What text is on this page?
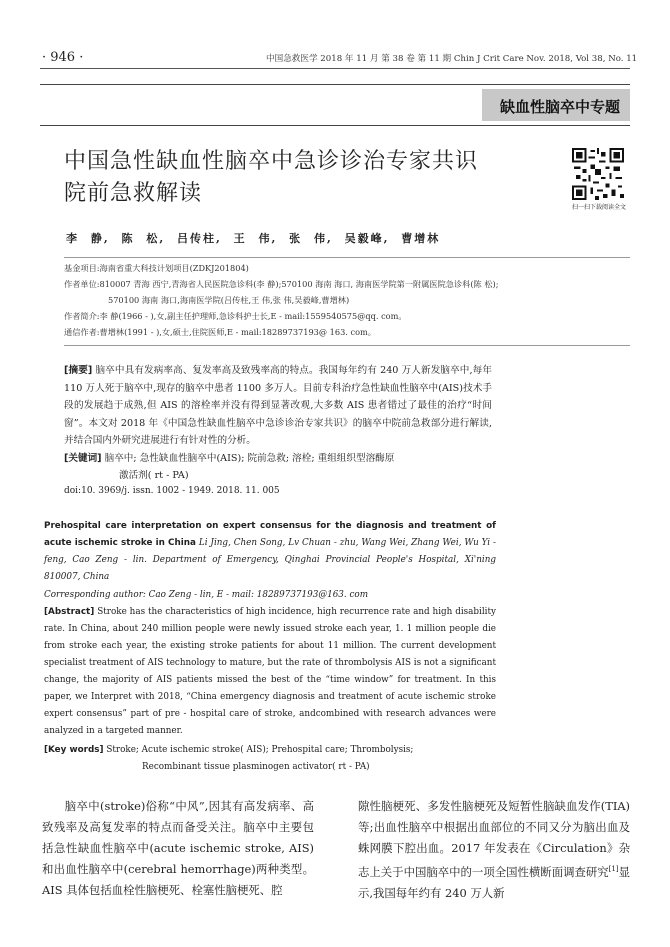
· 946 ·	中国急救医学 2018 年 11 月 第 38 卷 第 11 期 Chin J Crit Care Nov. 2018, Vol 38, No. 11
缺血性脑卒中专题
中国急性缺血性脑卒中急诊诊治专家共识
院前急救解读
扫一扫下载阅读全文
李 静, 陈 松, 吕传柱, 王 伟, 张 伟, 吴毅峰, 曹增林
基金项目:海南省重大科技计划项目(ZDKJ201804)
作者单位:810007 青海 西宁,青海省人民医院急诊科(李 静);570100 海南 海口, 海南医学院第一附属医院急诊科(陈 松);
570100 海南 海口,海南医学院(吕传柱,王 伟,张 伟,吴毅峰,曹增林)
作者简介:李 静(1966 - ),女,副主任护理师,急诊科护士长,E - mail:1559540575@qq. com。
通信作者:曹增林(1991 - ),女,硕士,住院医师,E - mail:18289737193@ 163. com。
[摘要] 脑卒中具有发病率高、复发率高及致残率高的特点。我国每年约有 240 万人新发脑卒中,每年 110 万人死于脑卒中,现存的脑卒中患者 1100 多万人。目前专科治疗急性缺血性脑卒中(AIS)技术手段的发展趋于成熟,但 AIS 的溶栓率并没有得到显著改观,大多数 AIS 患者错过了最佳的治疗“时间窗”。本文对 2018 年《中国急性缺血性脑卒中急诊诊治专家共识》的脑卒中院前急救部分进行解读,并结合国内外研究进展进行有针对性的分析。
[关键词] 脑卒中; 急性缺血性脑卒中(AIS); 院前急救; 溶栓; 重组组织型溶酶原
激活剂( rt - PA)
doi:10. 3969/j. issn. 1002 - 1949. 2018. 11. 005
Prehospital care interpretation on expert consensus for the diagnosis and treatment of acute ischemic stroke in China Li Jing, Chen Song, Lv Chuan - zhu, Wang Wei, Zhang Wei, Wu Yi - feng, Cao Zeng - lin. Department of Emergency, Qinghai Provincial People's Hospital, Xi'ning 810007, China
Corresponding author: Cao Zeng - lin, E - mail: 18289737193@163. com
[Abstract] Stroke has the characteristics of high incidence, high recurrence rate and high disability rate. In China, about 240 million people were newly issued stroke each year, 1. 1 million people die from stroke each year, the existing stroke patients for about 11 million. The current development specialist treatment of AIS technology to mature, but the rate of thrombolysis AIS is not a significant change, the majority of AIS patients missed the best of the “time window” for treatment. In this paper, we Interpret with 2018, “China emergency diagnosis and treatment of acute ischemic stroke expert consensus” part of pre - hospital care of stroke, andcombined with research advances were analyzed in a targeted manner.
[Key words] Stroke; Acute ischemic stroke( AIS); Prehospital care; Thrombolysis;
Recombinant tissue plasminogen activator( rt - PA)
脑卒中(stroke)俗称“中风”,因其有高发病率、高致残率及高复发率的特点而备受关注。脑卒中主要包括急性缺血性脑卒中(acute ischemic stroke, AIS)和出血性脑卒中(cerebral hemorrhage)两种类型。AIS 具体包括血栓性脑梗死、栓塞性脑梗死、腔
隙性脑梗死、多发性脑梗死及短暂性脑缺血发作(TIA)等;出血性脑卒中根据出血部位的不同又分为脑出血及蛛网膜下腔出血。2017 年发表在《Circulation》杂志上关于中国脑卒中的一项全国性横断面调查研究[1]显示,我国每年约有 240 万人新
